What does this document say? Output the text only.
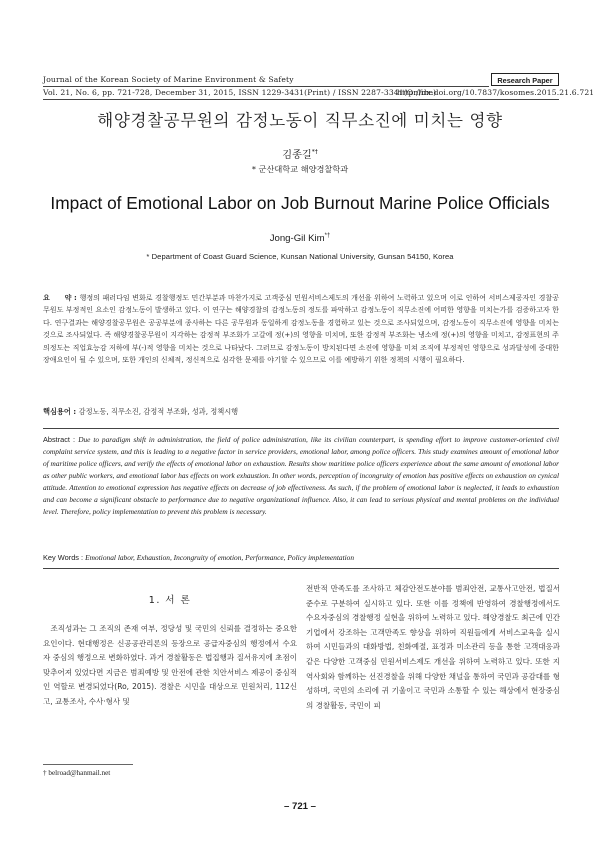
Journal of the Korean Society of Marine Environment & Safety	Research Paper
Vol. 21, No. 6, pp. 721-728, December 31, 2015, ISSN 1229-3431(Print) / ISSN 2287-3341(Online)
http://dx.doi.org/10.7837/kosomes.2015.21.6.721
해양경찰공무원의 감정노동이 직무소진에 미치는 영향
김종길*†
* 군산대학교 해양경찰학과
Impact of Emotional Labor on Job Burnout Marine Police Officials
Jong-Gil Kim*†
* Department of Coast Guard Science, Kunsan National University, Gunsan 54150, Korea
요　　약 : 행정의 패러다임 변화로 경찰행정도 민간부분과 마찬가지로 고객중심 민원서비스제도의 개선을 위하여 노력하고 있으며 이로 인하여 서비스제공자인 경찰공무원도 부정적인 요소인 감정노동이 발생하고 있다. 이 연구는 해양경찰의 감정노동의 정도를 파악하고 감정노동이 직무소진에 어떠한 영향을 미치는가를 검증하고자 한다. 연구결과는 해양경찰공무원은 공공부분에 종사하는 다른 공무원과 동일하게 감정노동을 경험하고 있는 것으로 조사되었으며, 감정노동이 직무소진에 영향을 미치는 것으로 조사되었다. 즉 해양경찰공무원이 지각하는 감정적 부조화가 고갈에 정(+)의 영향을 미치며, 또한 감정적 부조화는 냉소에 정(+)의 영향을 미치고, 감정표현의 주의정도는 직업효능감 저하에 부(-)적 영향을 미치는 것으로 나타났다. 그러므로 감정노동이 방치된다면 소진에 영향을 미쳐 조직에 부정적인 영향으로 성과달성에 중대한 장애요인이 될 수 있으며, 또한 개인의 신체적, 정신적으로 심각한 문제를 야기할 수 있으므로 이를 예방하기 위한 정책의 시행이 필요하다.
핵심용어 : 감정노동, 직무소진, 감정적 부조화, 성과, 정책시행
Abstract : Due to paradigm shift in administration, the field of police administration, like its civilian counterpart, is spending effort to improve customer-oriented civil complaint service system, and this is leading to a negative factor in service providers, emotional labor, among police officers. This study examines amount of emotional labor of maritime police officers, and verify the effects of emotional labor on exhaustion. Results show maritime police officers experience about the same amount of emotional labor as other public workers, and emotional labor has effects on work exhaustion. In other words, perception of incongruity of emotion has positive effects on exhaustion on cynical attitude. Attention to emotional expression has negative effects on decrease of job effectiveness. As such, if the problem of emotional labor is neglected, it leads to exhaustion and can become a significant obstacle to performance due to negative organizational influence. Also, it can lead to serious physical and mental problems on the individual level. Therefore, policy implementation to prevent this problem is necessary.
Key Words : Emotional labor, Exhaustion, Incongruity of emotion, Performance, Policy implementation
1. 서 론
조직성과는 그 조직의 존재 여부, 정당성 및 국민의 신뢰를 결정하는 중요한 요인이다. 현대행정은 신공공관리론의 등장으로 공급자중심의 행정에서 수요자 중심의 행정으로 변화하였다. 과거 경찰활동은 법집행과 질서유지에 초점이 맞추어져 있었다면 지금은 범죄예방 및 안전에 관한 치안서비스 제공이 중심적인 역할로 변경되었다(Ro, 2015). 경찰은 시민을 대상으로 민원처리, 112신고, 교통조사, 수사·형사 및
전반적 만족도를 조사하고 체감안전도분야를 범죄안전, 교통사고안전, 법질서준수로 구분하여 실시하고 있다. 또한 이를 정책에 반영하여 경찰행정에서도 수요자중심의 경찰행정 실현을 위하여 노력하고 있다. 해양경찰도 최근에 민간기업에서 강조하는 고객만족도 향상을 위하여 직원들에게 서비스교육을 실시하여 시민들과의 대화방법, 친화예절, 표정과 미소관리 등을 통한 고객대응과 같은 다양한 고객중심 민원서비스제도 개선을 위하여 노력하고 있다. 또한 지역사회와 함께하는 선진경찰을 위해 다양한 채널을 통하여 국민과 공감대를 형성하며, 국민의 소리에 귀 기울이고 국민과 소통할 수 있는 해상에서 현장중심의 경찰활동, 국민이 피
† belroad@hanmail.net
– 721 –
